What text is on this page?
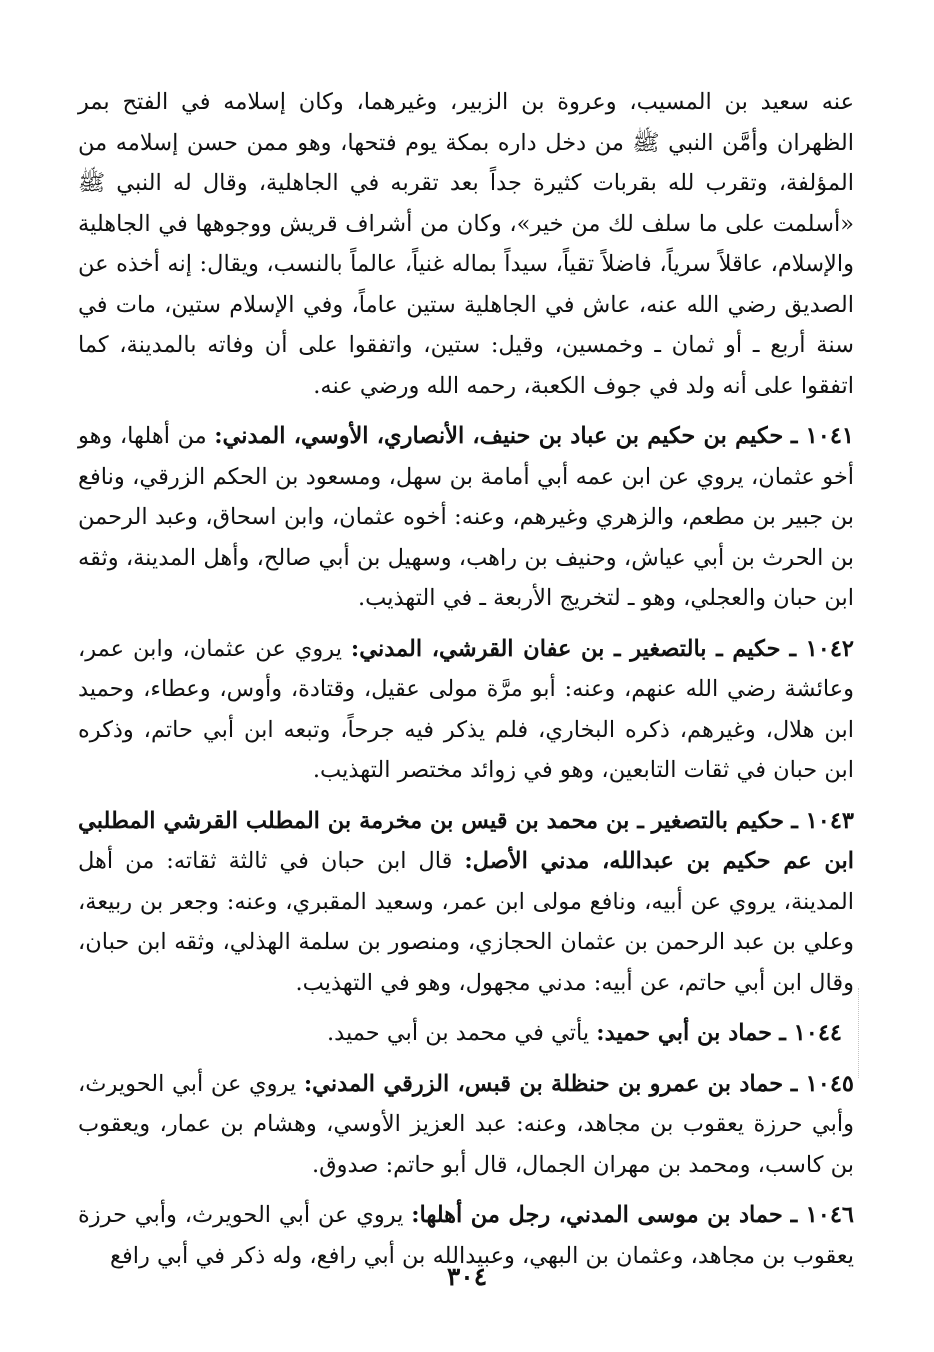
عنه سعيد بن المسيب، وعروة بن الزبير، وغيرهما، وكان إسلامه في الفتح بمر الظهران وأمَّن النبي ﷺ من دخل داره بمكة يوم فتحها، وهو ممن حسن إسلامه من المؤلفة، وتقرب لله بقربات كثيرة جداً بعد تقربه في الجاهلية، وقال له النبي ﷺ «أسلمت على ما سلف لك من خير»، وكان من أشراف قريش ووجوهها في الجاهلية والإسلام، عاقلاً سرياً، فاضلاً تقياً، سيداً بماله غنياً، عالماً بالنسب، ويقال: إنه أخذه عن الصديق رضي الله عنه، عاش في الجاهلية ستين عاماً، وفي الإسلام ستين، مات في سنة أربع ـ أو ثمان ـ وخمسين، وقيل: ستين، واتفقوا على أن وفاته بالمدينة، كما اتفقوا على أنه ولد في جوف الكعبة، رحمه الله ورضي عنه.

١٠٤١ ـ حكيم بن حكيم بن عباد بن حنيف، الأنصاري، الأوسي، المدني: من أهلها، وهو أخو عثمان، يروي عن ابن عمه أبي أمامة بن سهل، ومسعود بن الحكم الزرقي، ونافع بن جبير بن مطعم، والزهري وغيرهم، وعنه: أخوه عثمان، وابن اسحاق، وعبد الرحمن بن الحرث بن أبي عياش، وحنيف بن راهب، وسهيل بن أبي صالح، وأهل المدينة، وثقه ابن حبان والعجلي، وهو ـ لتخريج الأربعة ـ في التهذيب.

١٠٤٢ ـ حكيم ـ بالتصغير ـ بن عفان القرشي، المدني: يروي عن عثمان، وابن عمر، وعائشة رضي الله عنهم، وعنه: أبو مرَّة مولى عقيل، وقتادة، وأوس، وعطاء، وحميد ابن هلال، وغيرهم، ذكره البخاري، فلم يذكر فيه جرحاً، وتبعه ابن أبي حاتم، وذكره ابن حبان في ثقات التابعين، وهو في زوائد مختصر التهذيب.

١٠٤٣ ـ حكيم بالتصغير ـ بن محمد بن قيس بن مخرمة بن المطلب القرشي المطلبي ابن عم حكيم بن عبدالله، مدني الأصل: قال ابن حبان في ثالثة ثقاته: من أهل المدينة، يروي عن أبيه، ونافع مولى ابن عمر، وسعيد المقبري، وعنه: وجعر بن ربيعة، وعلي بن عبد الرحمن بن عثمان الحجازي، ومنصور بن سلمة الهذلي، وثقه ابن حبان، وقال ابن أبي حاتم، عن أبيه: مدني مجهول، وهو في التهذيب.

١٠٤٤ ـ حماد بن أبي حميد: يأتي في محمد بن أبي حميد.

١٠٤٥ ـ حماد بن عمرو بن حنظلة بن قبس، الزرقي المدني: يروي عن أبي الحويرث، وأبي حرزة يعقوب بن مجاهد، وعنه: عبد العزيز الأوسي، وهشام بن عمار، ويعقوب بن كاسب، ومحمد بن مهران الجمال، قال أبو حاتم: صدوق.

١٠٤٦ ـ حماد بن موسى المدني، رجل من أهلها: يروي عن أبي الحويرث، وأبي حرزة يعقوب بن مجاهد، وعثمان بن البهي، وعبيدالله بن أبي رافع، وله ذكر في أبي رافع

٣٠٤
